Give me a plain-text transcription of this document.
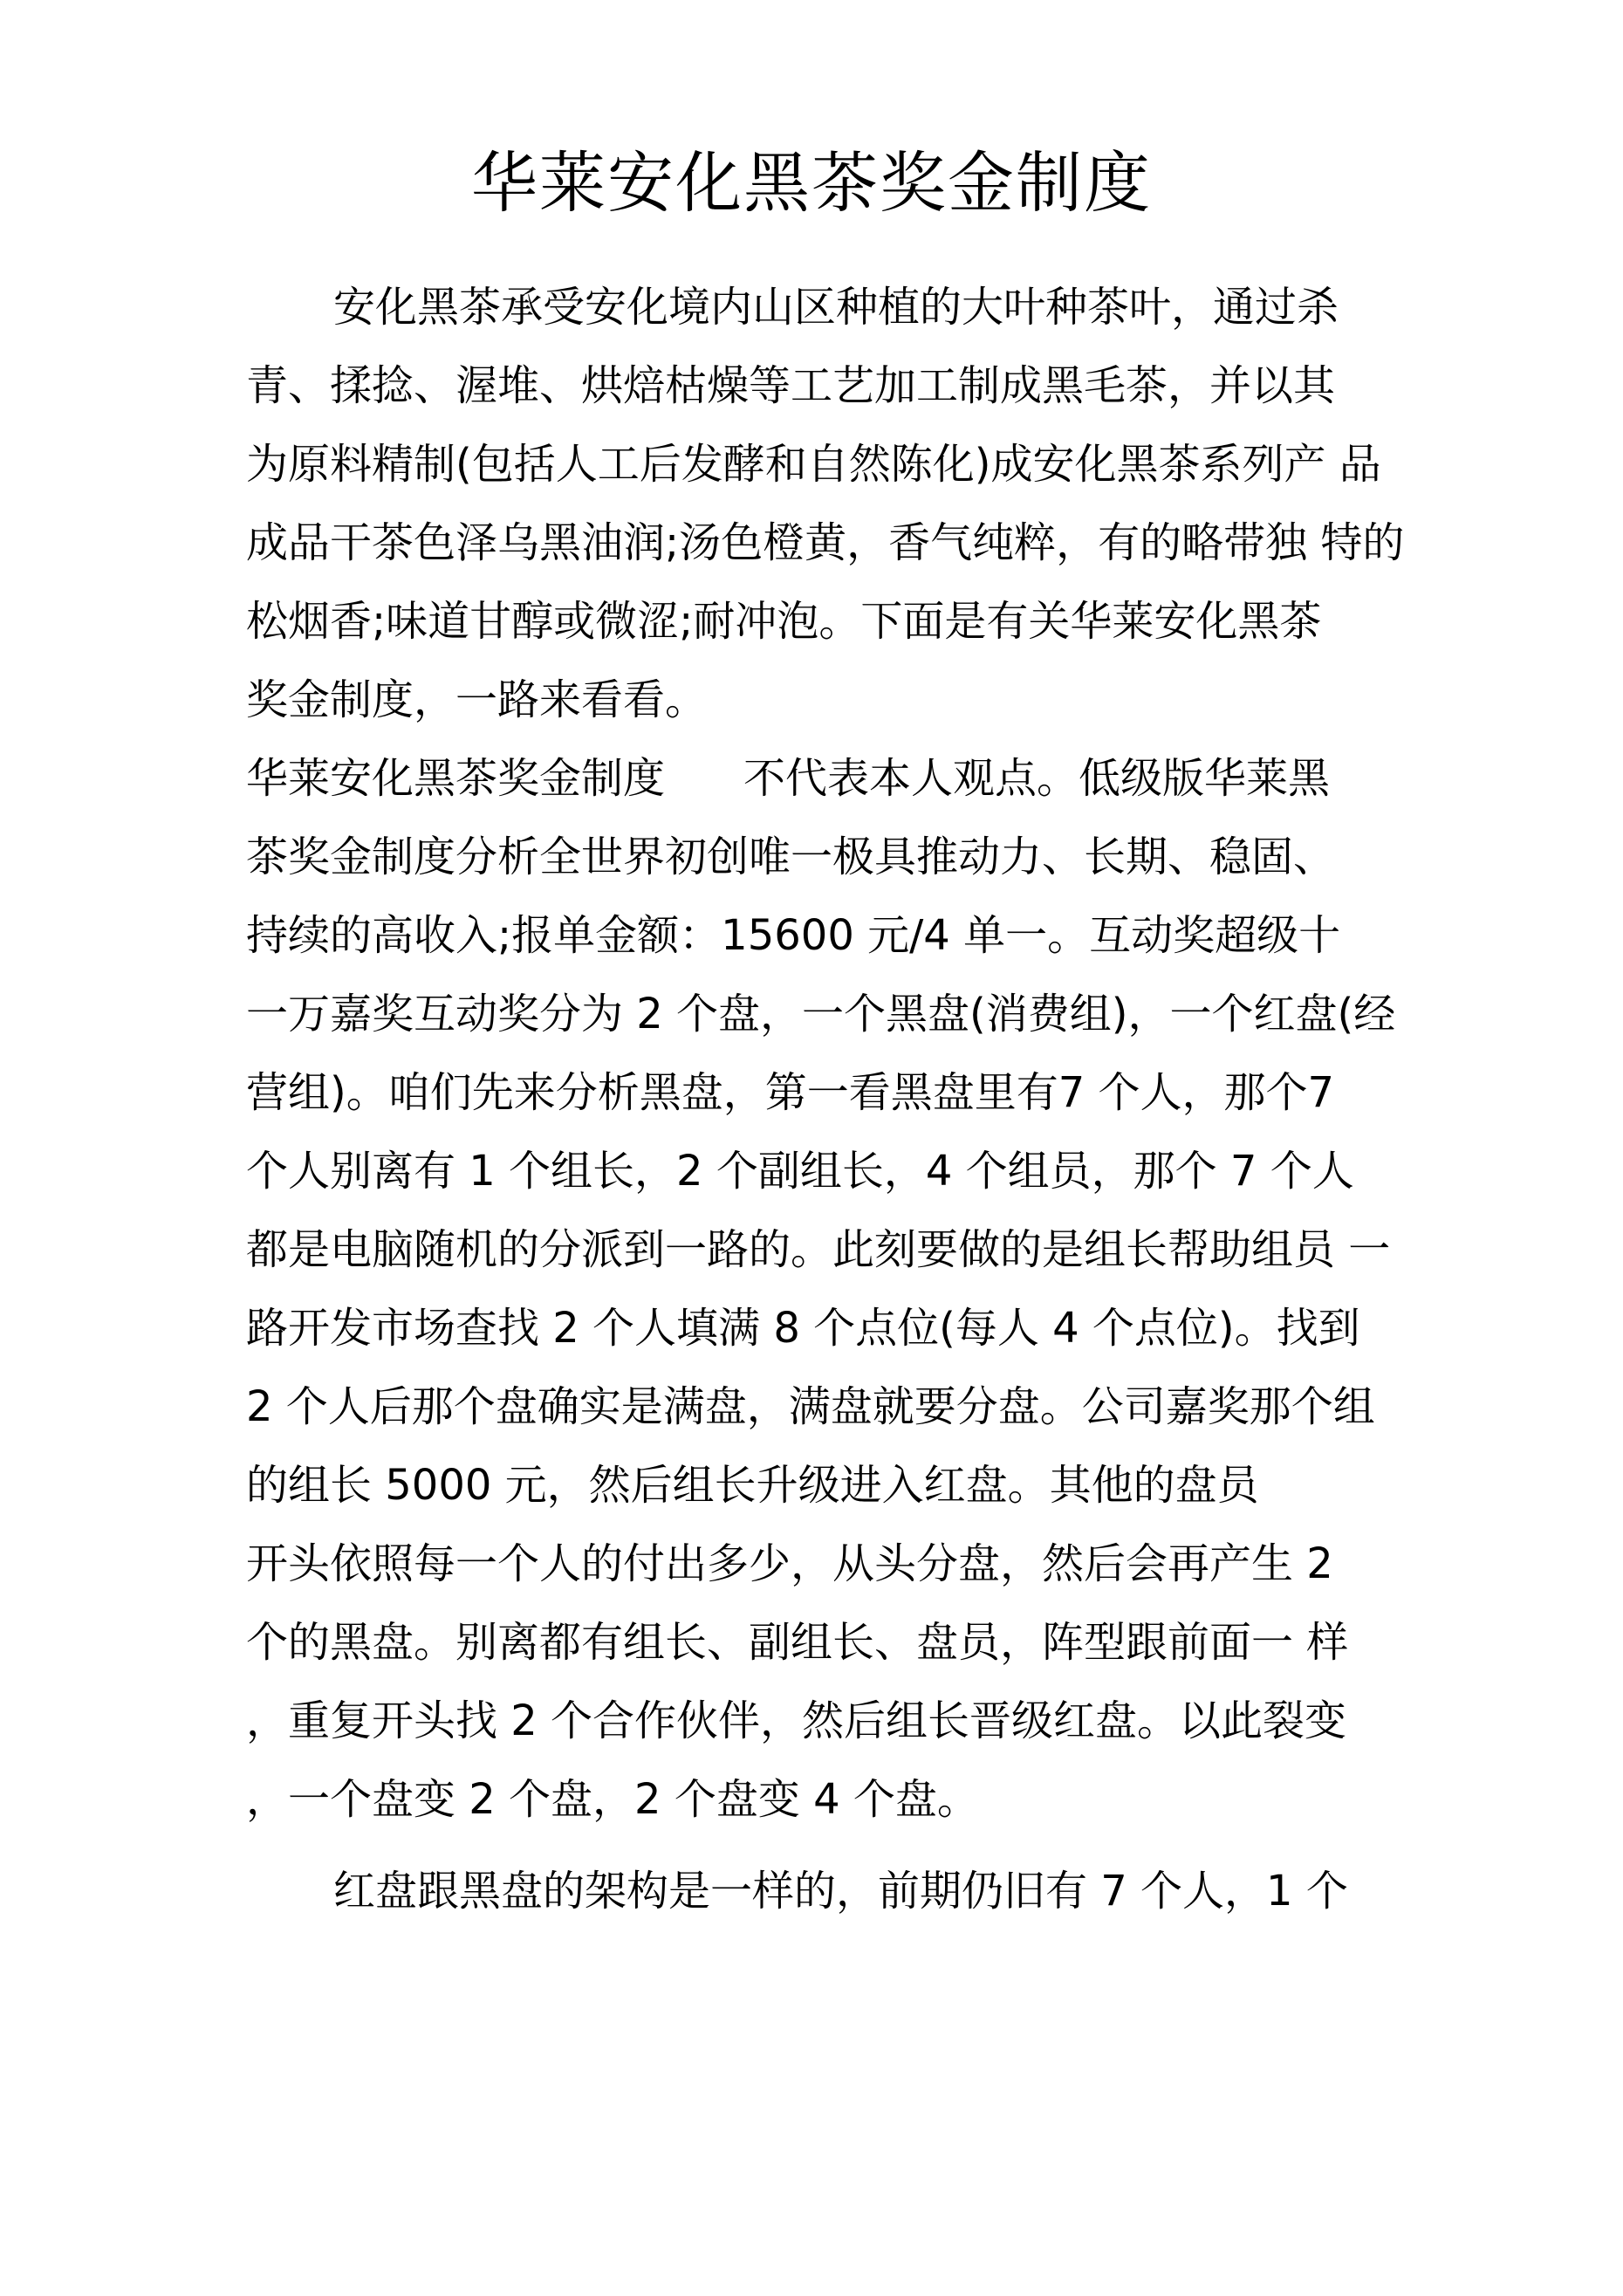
华莱安化黑茶奖金制度
安化黑茶承受安化境内山区种植的大叶种茶叶，通过杀
青、揉捻、渥堆、烘焙枯燥等工艺加工制成黑毛茶，并以其
为原料精制(包括人工后发酵和自然陈化)成安化黑茶系列产 品
成品干茶色泽乌黑油润;汤色橙黄，香气纯粹，有的略带独 特的
松烟香;味道甘醇或微涩;耐冲泡。下面是有关华莱安化黑茶
奖金制度，一路来看看。
华莱安化黑茶奖金制度 不代表本人观点。低级版华莱黑
茶奖金制度分析全世界初创唯一极具推动力、长期、稳固、
持续的高收入;报单金额：15600 元/4 单一。互动奖超级十
一万嘉奖互动奖分为 2 个盘，一个黑盘(消费组)，一个红盘(经
营组)。咱们先来分析黑盘，第一看黑盘里有7 个人，那个7
个人别离有 1 个组长，2 个副组长，4 个组员，那个 7 个人
都是电脑随机的分派到一路的。此刻要做的是组长帮助组员 一
路开发市场查找 2 个人填满 8 个点位(每人 4 个点位)。找到
2 个人后那个盘确实是满盘，满盘就要分盘。公司嘉奖那个组
的组长 5000 元，然后组长升级进入红盘。其他的盘员
开头依照每一个人的付出多少，从头分盘，然后会再产生 2
个的黑盘。别离都有组长、副组长、盘员，阵型跟前面一 样
，重复开头找 2 个合作伙伴，然后组长晋级红盘。以此裂变
，一个盘变 2 个盘，2 个盘变 4 个盘。
红盘跟黑盘的架构是一样的，前期仍旧有 7 个人，1 个
